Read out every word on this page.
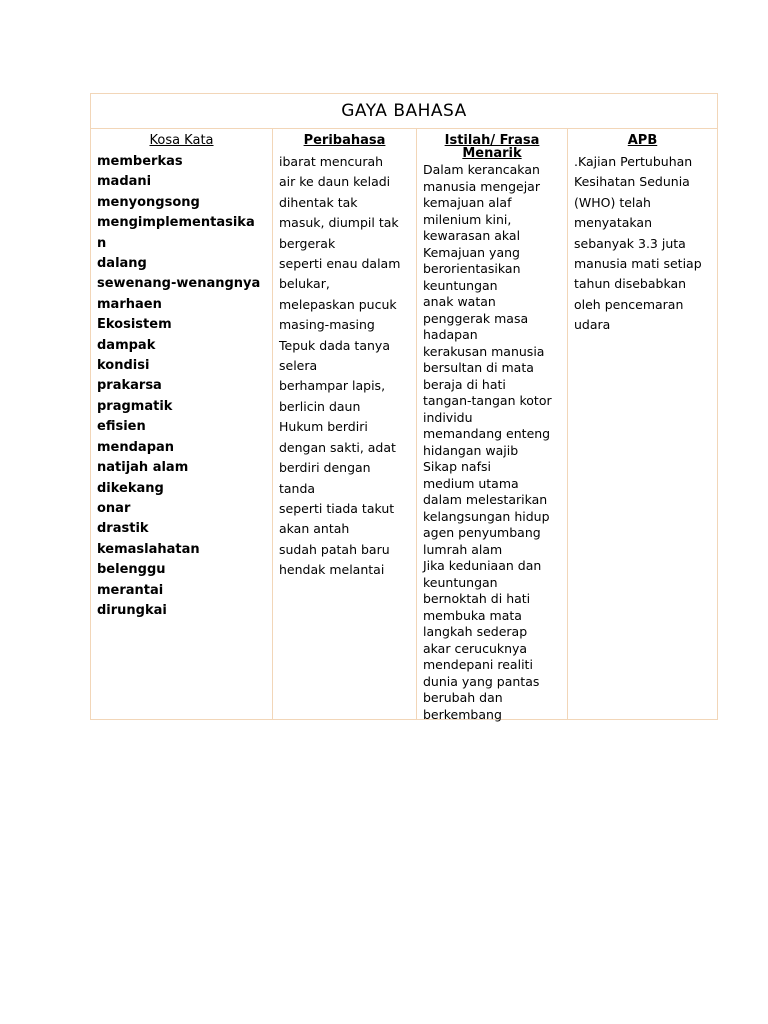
GAYA BAHASA
Kosa Kata
memberkas
madani
menyongsong
mengimplementasika
n
dalang
sewenang-wenangnya
marhaen
Ekosistem
dampak
kondisi
prakarsa
pragmatik
efisien
mendapan
natijah alam
dikekang
onar
drastik
kemaslahatan
belenggu
merantai
dirungkai
Peribahasa
ibarat mencurah
air ke daun keladi
dihentak tak
masuk, diumpil tak
bergerak
seperti enau dalam
belukar,
melepaskan pucuk
masing-masing
Tepuk dada tanya
selera
berhampar lapis,
berlicin daun
Hukum berdiri
dengan sakti, adat
berdiri dengan
tanda
seperti tiada takut
akan antah
sudah patah baru
hendak melantai
Istilah/ Frasa
Menarik
Dalam kerancakan
manusia mengejar
kemajuan alaf
milenium kini,
kewarasan akal
Kemajuan yang
berorientasikan
keuntungan
anak watan
penggerak masa
hadapan
kerakusan manusia
bersultan di mata
beraja di hati
tangan-tangan kotor
individu
memandang enteng
hidangan wajib
Sikap nafsi
medium utama
dalam melestarikan
kelangsungan hidup
agen penyumbang
lumrah alam
Jika keduniaan dan
keuntungan
bernoktah di hati
membuka mata
langkah sederap
akar cerucuknya
mendepani realiti
dunia yang pantas
berubah dan
berkembang
APB
.Kajian Pertubuhan
Kesihatan Sedunia
(WHO) telah
menyatakan
sebanyak 3.3 juta
manusia mati setiap
tahun disebabkan
oleh pencemaran
udara
